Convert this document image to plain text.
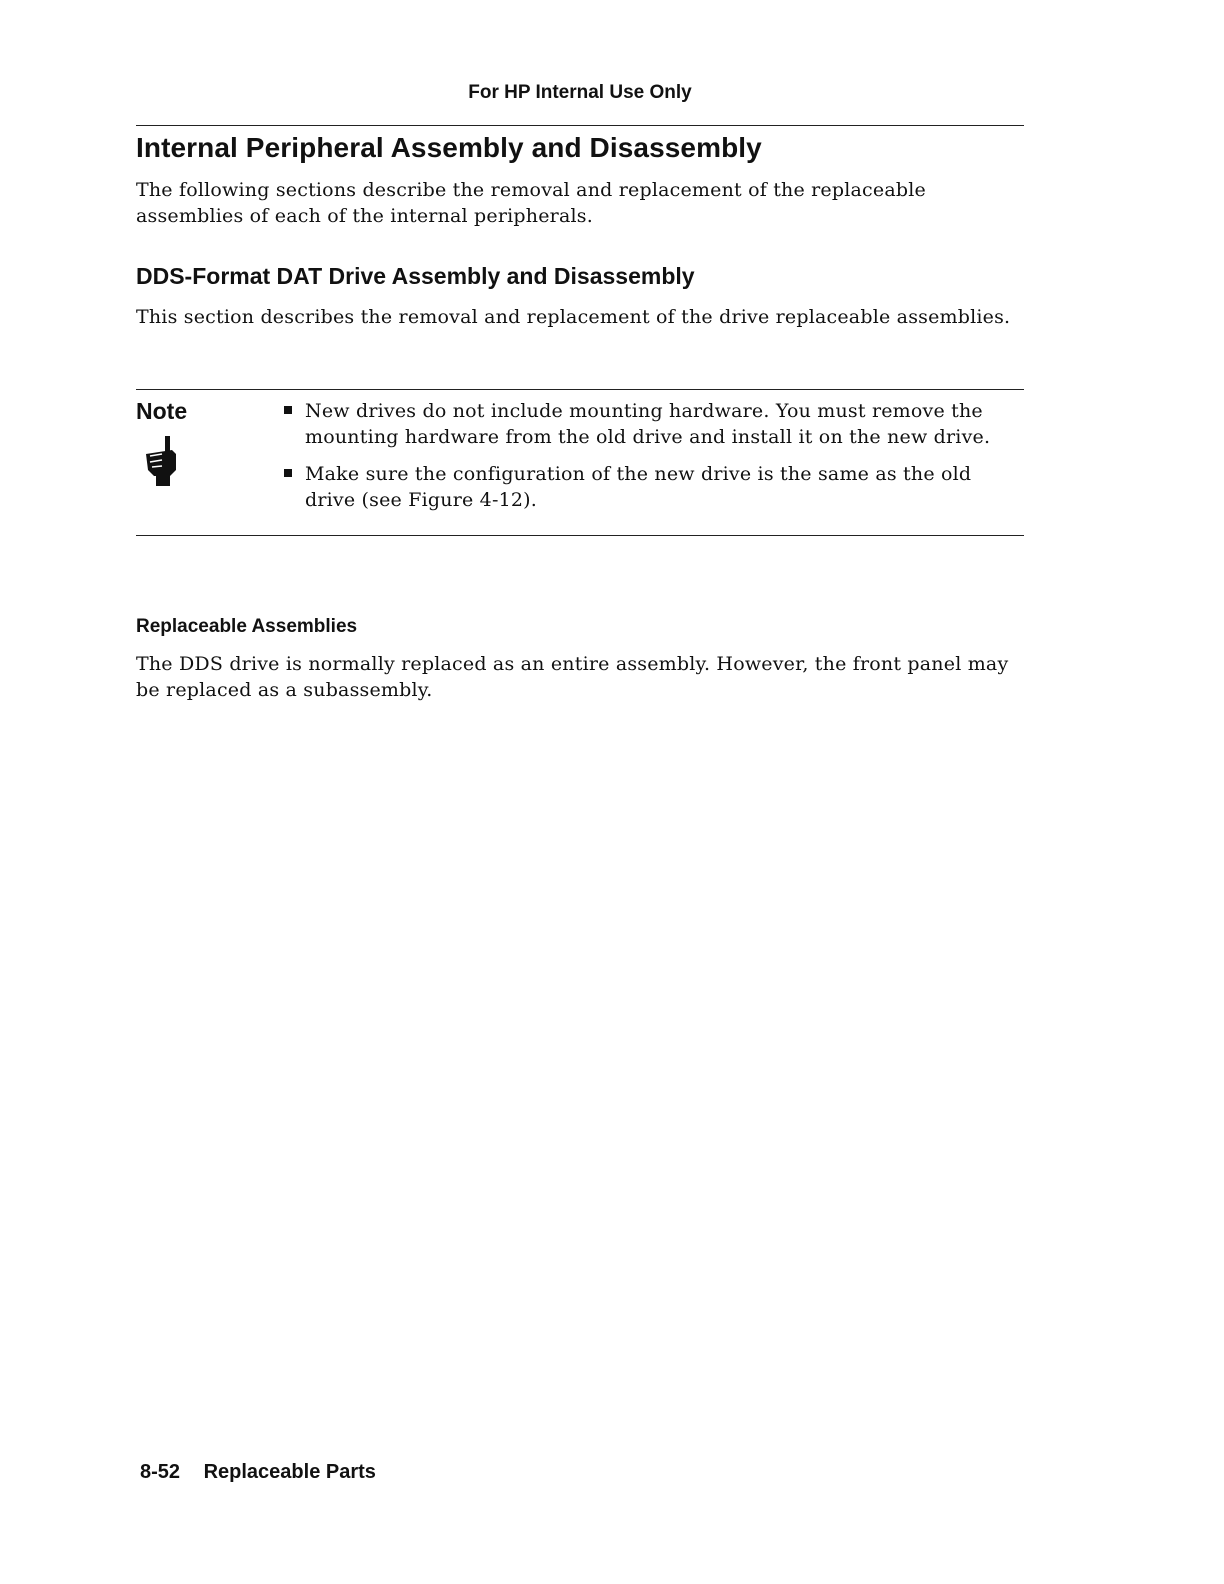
For HP Internal Use Only
Internal Peripheral Assembly and Disassembly

The following sections describe the removal and replacement of the replaceable assemblies of each of the internal peripherals.

DDS-Format DAT Drive Assembly and Disassembly

This section describes the removal and replacement of the drive replaceable assemblies.

Note	New drives do not include mounting hardware. You must remove the mounting hardware from the old drive and install it on the new drive.
Make sure the configuration of the new drive is the same as the old drive (see Figure 4-12).
Replaceable Assemblies

The DDS drive is normally replaced as an entire assembly. However, the front panel may be replaced as a subassembly.

8-52 Replaceable Parts
